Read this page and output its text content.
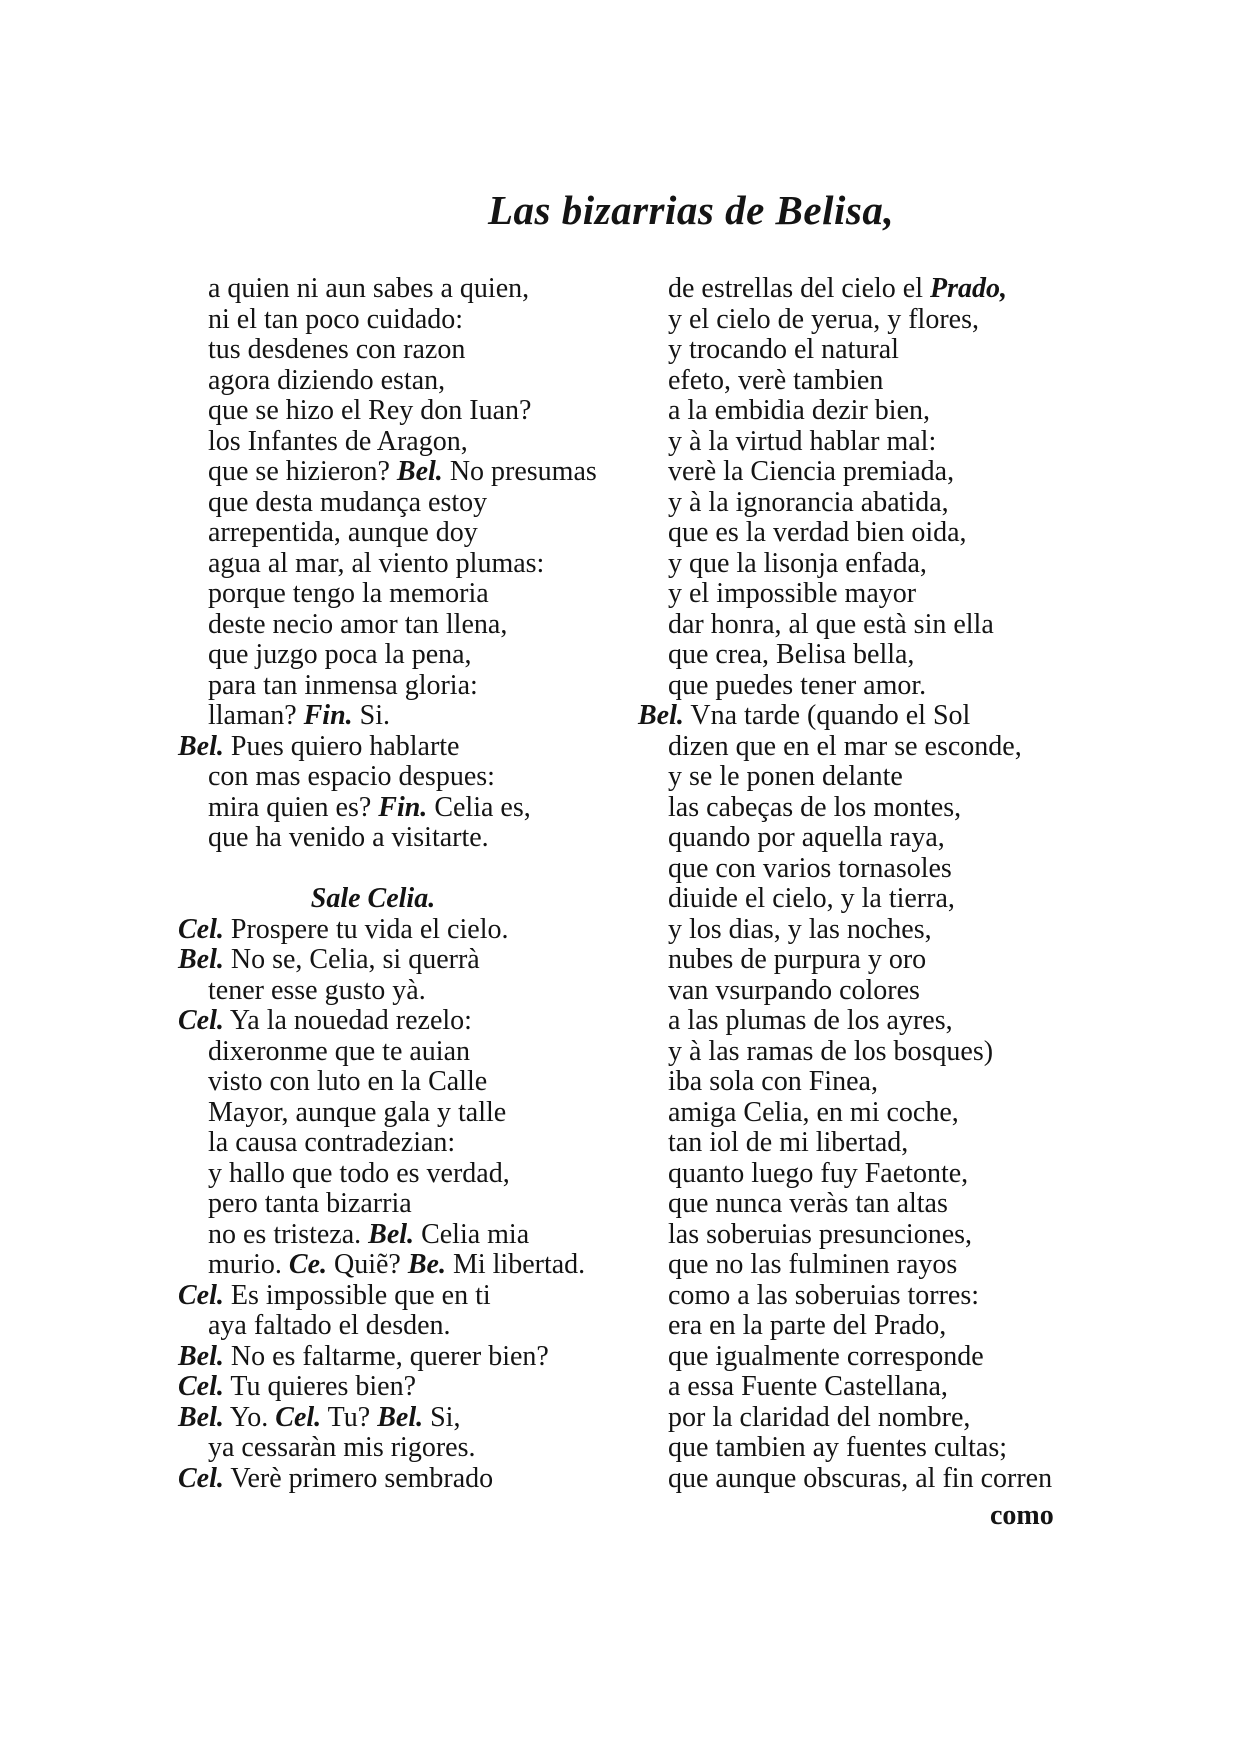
Las bizarrias de Belisa,
a quien ni aun sabes a quien,
ni el tan poco cuidado:
tus desdenes con razon
agora diziendo estan,
que se hizo el Rey don Iuan?
los Infantes de Aragon,
que se hizieron? Bel. No presumas
que desta mudança estoy
arrepentida, aunque doy
agua al mar, al viento plumas:
porque tengo la memoria
deste necio amor tan llena,
que juzgo poca la pena,
para tan inmensa gloria:
llaman? Fin. Si.
Bel. Pues quiero hablarte
con mas espacio despues:
mira quien es? Fin. Celia es,
que ha venido a visitarte.
Sale Celia.
Cel. Prospere tu vida el cielo.
Bel. No se, Celia, si querrà
tener esse gusto yà.
Cel. Ya la nouedad rezelo:
dixeronme que te auian
visto con luto en la Calle
Mayor, aunque gala y talle
la causa contradezian:
y hallo que todo es verdad,
pero tanta bizarria
no es tristeza. Bel. Celia mia
murio. Ce. Quiẽ? Be. Mi libertad.
Cel. Es impossible que en ti
aya faltado el desden.
Bel. No es faltarme, querer bien?
Cel. Tu quieres bien?
Bel. Yo. Cel. Tu? Bel. Si,
ya cessaràn mis rigores.
Cel. Verè primero sembrado
de estrellas del cielo el Prado,
y el cielo de yerua, y flores,
y trocando el natural
efeto, verè tambien
a la embidia dezir bien,
y à la virtud hablar mal:
verè la Ciencia premiada,
y à la ignorancia abatida,
que es la verdad bien oida,
y que la lisonja enfada,
y el impossible mayor
dar honra, al que està sin ella
que crea, Belisa bella,
que puedes tener amor.
Bel. Vna tarde (quando el Sol
dizen que en el mar se esconde,
y se le ponen delante
las cabeças de los montes,
quando por aquella raya,
que con varios tornasoles
diuide el cielo, y la tierra,
y los dias, y las noches,
nubes de purpura y oro
van vsurpando colores
a las plumas de los ayres,
y à las ramas de los bosques)
iba sola con Finea,
amiga Celia, en mi coche,
tan iol de mi libertad,
quanto luego fuy Faetonte,
que nunca veràs tan altas
las soberuias presunciones,
que no las fulminen rayos
como a las soberuias torres:
era en la parte del Prado,
que igualmente corresponde
a essa Fuente Castellana,
por la claridad del nombre,
que tambien ay fuentes cultas;
que aunque obscuras, al fin corren
como
